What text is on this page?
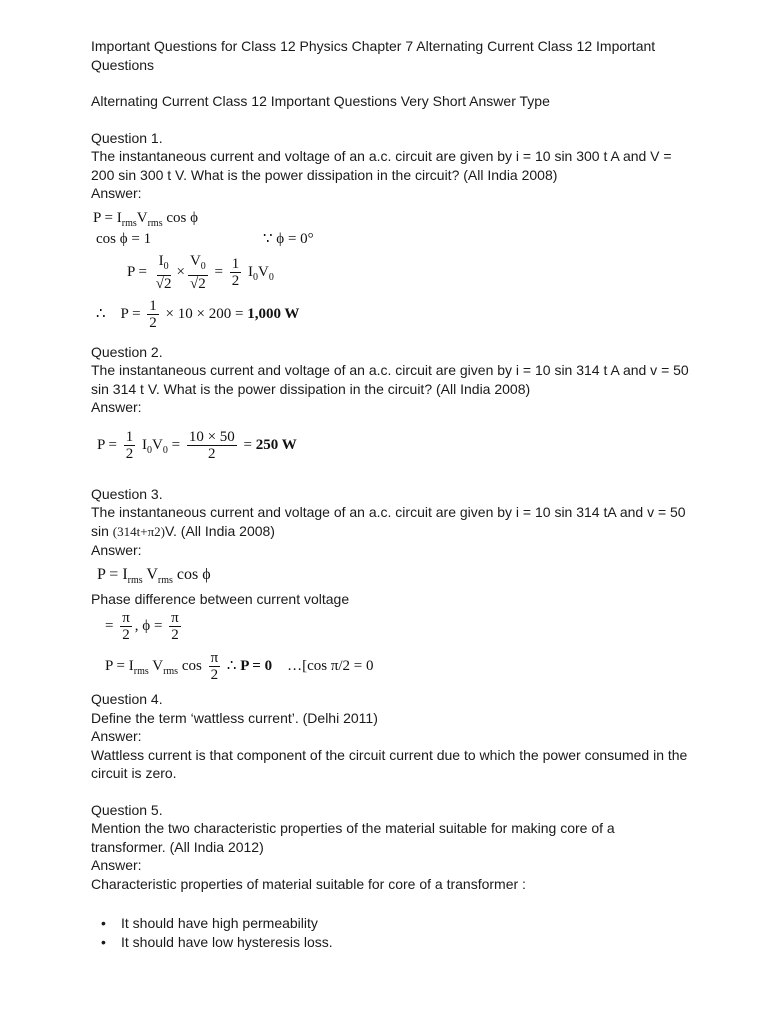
Important Questions for Class 12 Physics Chapter 7 Alternating Current Class 12 Important Questions

Alternating Current Class 12 Important Questions Very Short Answer Type

Question 1.

The instantaneous current and voltage of an a.c. circuit are given by i = 10 sin 300 t A and V = 200 sin 300 t V. What is the power dissipation in the circuit? (All India 2008)

Answer:

$P = I_{rms}V_{rms}$ cos ϕ
cos ϕ = 1	∵ ϕ = 0°
$P = \frac{I_0}{√2} \times \frac{V_0}{√2} = \frac{1}{2} I_0V_0$
∴    $P = \frac{1}{2} \times 10 \times 200 = 1,000$ W

Question 2.

The instantaneous current and voltage of an a.c. circuit are given by i = 10 sin 314 t A and v = 50 sin 314 t V. What is the power dissipation in the circuit? (All India 2008)

Answer:

$P = \frac{1}{2} I_0V_0 = \frac{10 \times 50}{2} = 250$ W

Question 3.

The instantaneous current and voltage of an a.c. circuit are given by i = 10 sin 314 tA and v = 50 sin (314t+π2)V. (All India 2008)

Answer:

$P = I_{rms}$ $V_{rms}$ cos ϕ

Phase difference between current voltage

= $\frac{\pi}{2}$ , $\phi = \frac{\pi}{2}$
$P = I_{rms}$ $V_{rms}$ $\cos \frac{\pi}{2}$ ∴ P = 0    …[cos π/2 = 0

Question 4.

Define the term ‘wattless current’. (Delhi 2011)

Answer:

Wattless current is that component of the circuit current due to which the power consumed in the circuit is zero.

Question 5.

Mention the two characteristic properties of the material suitable for making core of a transformer. (All India 2012)

Answer:

Characteristic properties of material suitable for core of a transformer :

• It should have high permeability
• It should have low hysteresis loss.
